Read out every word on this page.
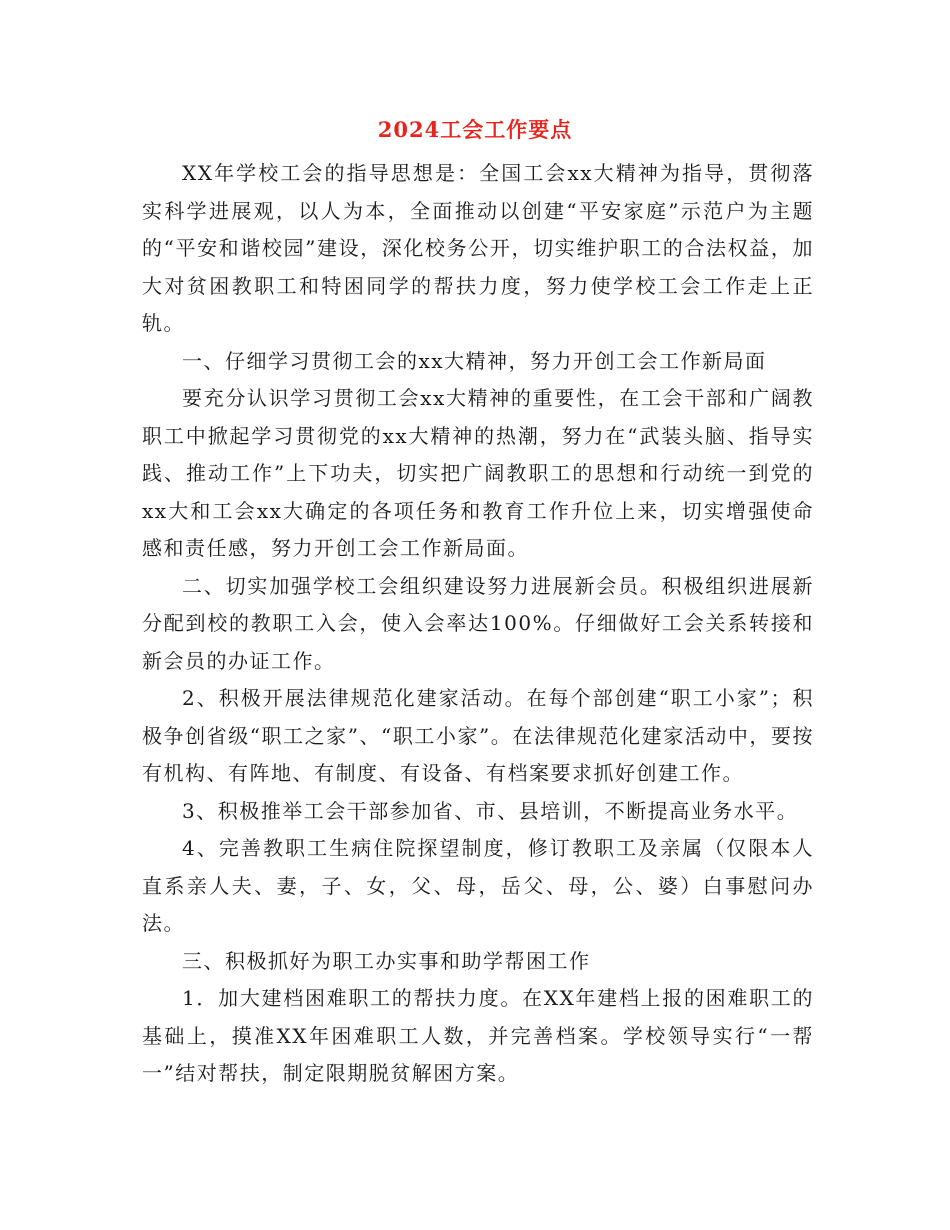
2024工会工作要点

XX年学校工会的指导思想是：全国工会xx大精神为指导，贯彻落实科学进展观，以人为本，全面推动以创建“平安家庭”示范户为主题的“平安和谐校园”建设，深化校务公开，切实维护职工的合法权益，加大对贫困教职工和特困同学的帮扶力度，努力使学校工会工作走上正轨。

一、仔细学习贯彻工会的xx大精神，努力开创工会工作新局面

要充分认识学习贯彻工会xx大精神的重要性，在工会干部和广阔教职工中掀起学习贯彻党的xx大精神的热潮，努力在“武装头脑、指导实践、推动工作”上下功夫，切实把广阔教职工的思想和行动统一到党的xx大和工会xx大确定的各项任务和教育工作升位上来，切实增强使命感和责任感，努力开创工会工作新局面。

二、切实加强学校工会组织建设努力进展新会员。积极组织进展新分配到校的教职工入会，使入会率达100%。仔细做好工会关系转接和新会员的办证工作。

2、积极开展法律规范化建家活动。在每个部创建“职工小家”；积极争创省级“职工之家”、“职工小家”。在法律规范化建家活动中，要按有机构、有阵地、有制度、有设备、有档案要求抓好创建工作。

3、积极推举工会干部参加省、市、县培训，不断提高业务水平。

4、完善教职工生病住院探望制度，修订教职工及亲属（仅限本人直系亲人夫、妻，子、女，父、母，岳父、母，公、婆）白事慰问办法。

三、积极抓好为职工办实事和助学帮困工作

1．加大建档困难职工的帮扶力度。在XX年建档上报的困难职工的基础上，摸准XX年困难职工人数，并完善档案。学校领导实行“一帮一”结对帮扶，制定限期脱贫解困方案。
